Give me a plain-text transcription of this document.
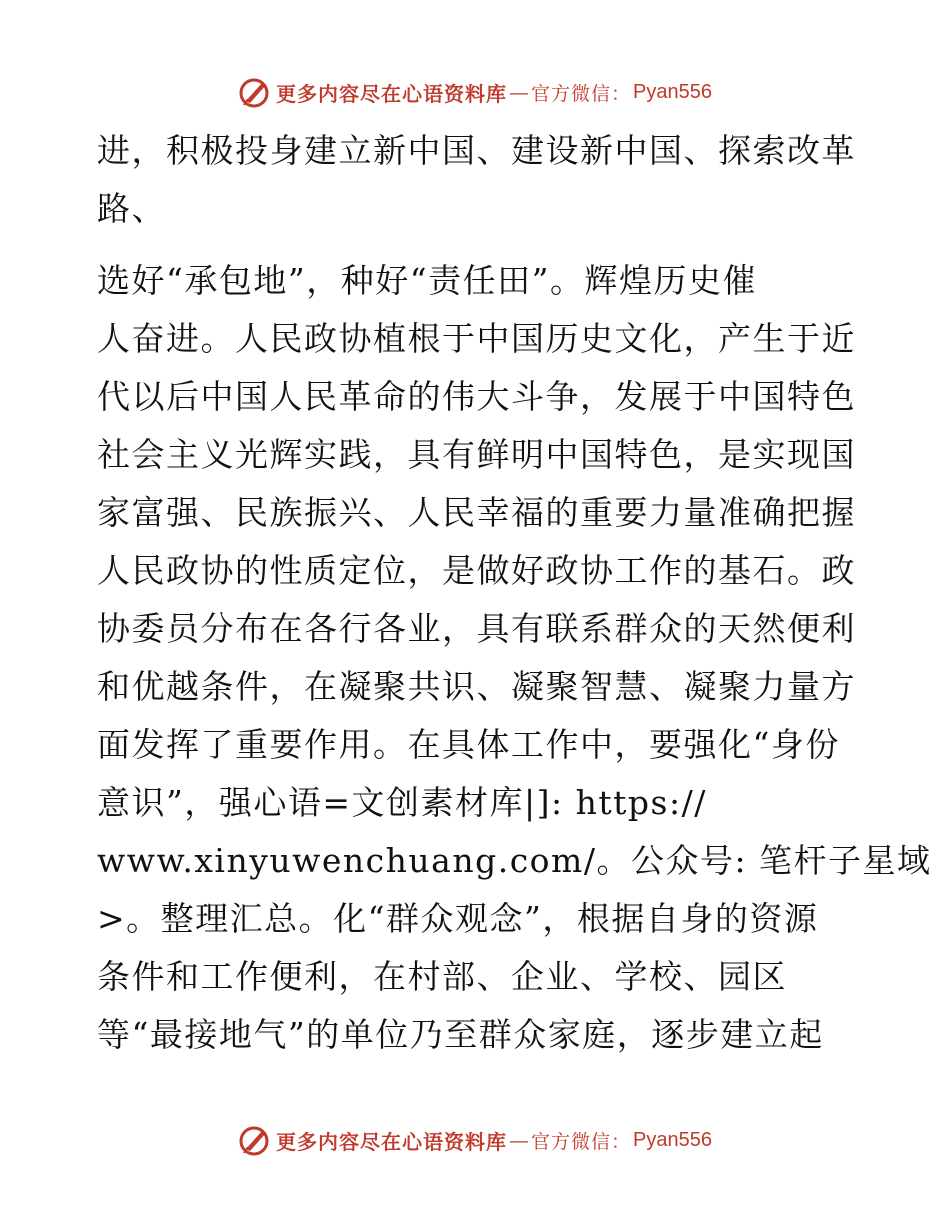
更多内容尽在心语资料库 — 官方微信： Pyan556
进，积极投身建立新中国、建设新中国、探索改革
路、
选好“承包地”，种好“责任田”。辉煌历史催
人奋进。人民政协植根于中国历史文化，产生于近
代以后中国人民革命的伟大斗争，发展于中国特色
社会主义光辉实践，具有鲜明中国特色，是实现国
家富强、民族振兴、人民幸福的重要力量准确把握
人民政协的性质定位，是做好政协工作的基石。政
协委员分布在各行各业，具有联系群众的天然便利
和优越条件，在凝聚共识、凝聚智慧、凝聚力量方
面发挥了重要作用。在具体工作中，要强化“身份
意识”，强心语=文创素材库|]: https://
www.xinyuwenchuang.com/。公众号: 笔杆子星域
>。整理汇总。化“群众观念”，根据自身的资源
条件和工作便利，在村部、企业、学校、园区
等“最接地气”的单位乃至群众家庭，逐步建立起
更多内容尽在心语资料库 — 官方微信： Pyan556
